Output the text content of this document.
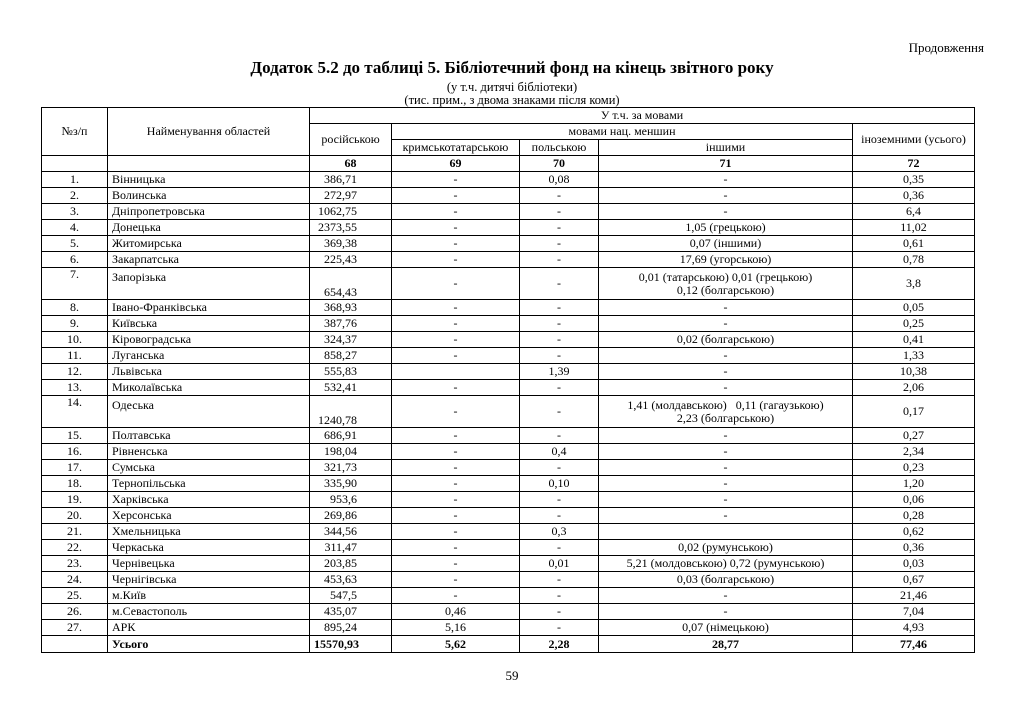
Продовження
Додаток 5.2 до таблиці 5. Бібліотечний фонд на кінець звітного року
(у т.ч. дитячі бібліотеки)
(тис. прим., з двома знаками після коми)
№з/п	Найменування областей	У т.ч. за мовами				
		російською	мовами нац. меншин			іноземними (усього)
			кримськотатарською	польською	іншими	
		68	69	70	71	72
1.	Вінницька	386,71	-	0,08	-	0,35
2.	Волинська	272,97	-	-	-	0,36
3.	Дніпропетровська	1062,75	-	-	-	6,4
4.	Донецька	2373,55	-	-	1,05 (грецькою)	11,02
5.	Житомирська	369,38	-	-	0,07 (іншими)	0,61
6.	Закарпатська	225,43	-	-	17,69 (угорською)	0,78
7.	Запорізька	654,43	-	-	0,01 (татарською) 0,01 (грецькою)
0,12 (болгарською)	3,8
8.	Івано-Франківська	368,93	-	-	-	0,05
9.	Київська	387,76	-	-	-	0,25
10.	Кіровоградська	324,37	-	-	0,02 (болгарською)	0,41
11.	Луганська	858,27	-	-	-	1,33
12.	Львівська	555,83		1,39	-	10,38
13.	Миколаївська	532,41	-	-	-	2,06
14.	Одеська	1240,78	-	-	1,41 (молдавською)   0,11 (гагаузькою)
2,23 (болгарською)	0,17
15.	Полтавська	686,91	-	-	-	0,27
16.	Рівненська	198,04	-	0,4	-	2,34
17.	Сумська	321,73	-	-	-	0,23
18.	Тернопільська	335,90	-	0,10	-	1,20
19.	Харківська	953,6	-	-	-	0,06
20.	Херсонська	269,86	-	-	-	0,28
21.	Хмельницька	344,56	-	0,3		0,62
22.	Черкаська	311,47	-	-	0,02 (румунською)	0,36
23.	Чернівецька	203,85	-	0,01	5,21 (молдовською) 0,72 (румунською)	0,03
24.	Чернігівська	453,63	-	-	0,03 (болгарською)	0,67
25.	м.Київ	547,5	-	-	-	21,46
26.	м.Севастополь	435,07	0,46	-	-	7,04
27.	АРК	895,24	5,16	-	0,07 (німецькою)	4,93
	Усього	15570,93	5,62	2,28	28,77	77,46
59
